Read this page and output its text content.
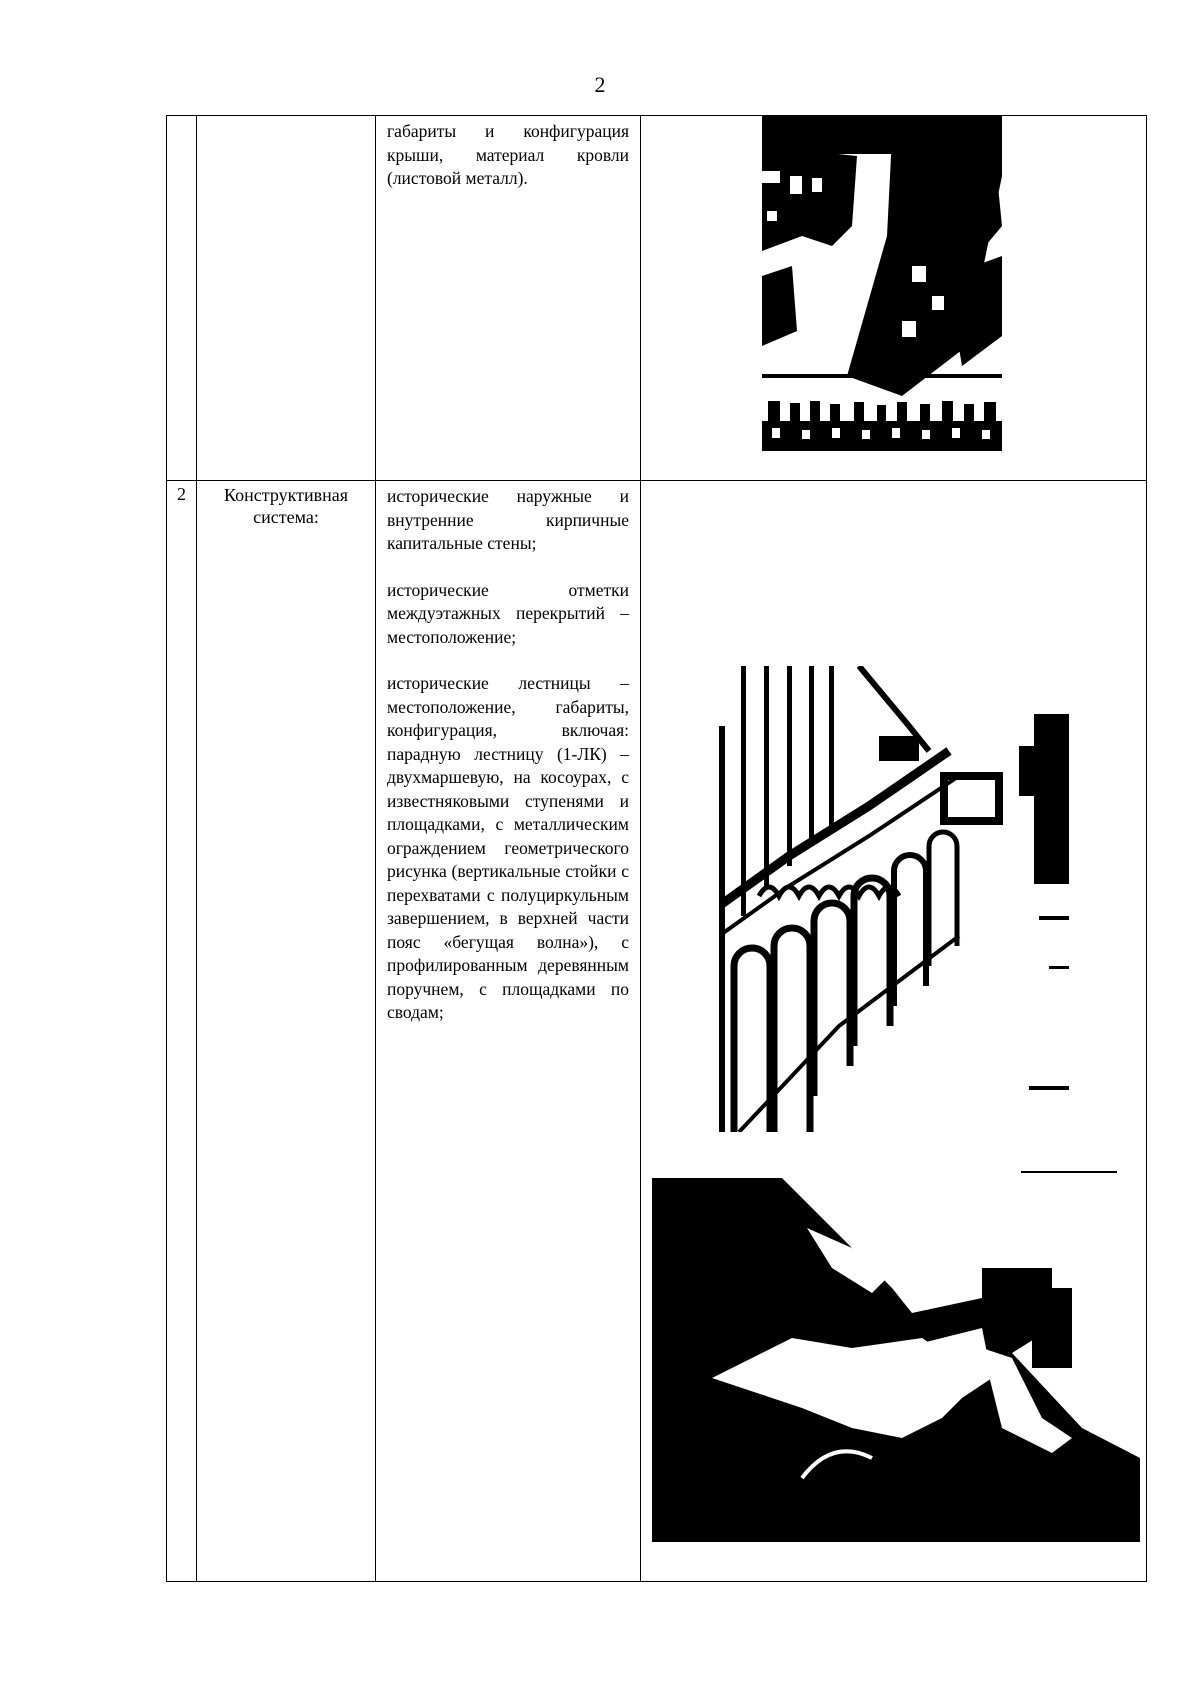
2

		габариты и конфигурация крыши, материал кровли (листовой металл).

2	Конструктивная система:	исторические наружные и внутренние кирпичные капитальные стены;

исторические отметки междуэтажных перекрытий – местоположение;

исторические лестницы – местоположение, габариты, конфигурация, включая: парадную лестницу (1-ЛК) – двухмаршевую, на косоурах, с известняковыми ступенями и площадками, с металлическим ограждением геометрического рисунка (вертикальные стойки с перехватами с полуциркульным завершением, в верхней части пояс «бегущая волна»), с профилированным деревянным поручнем, с площадками по сводам;
